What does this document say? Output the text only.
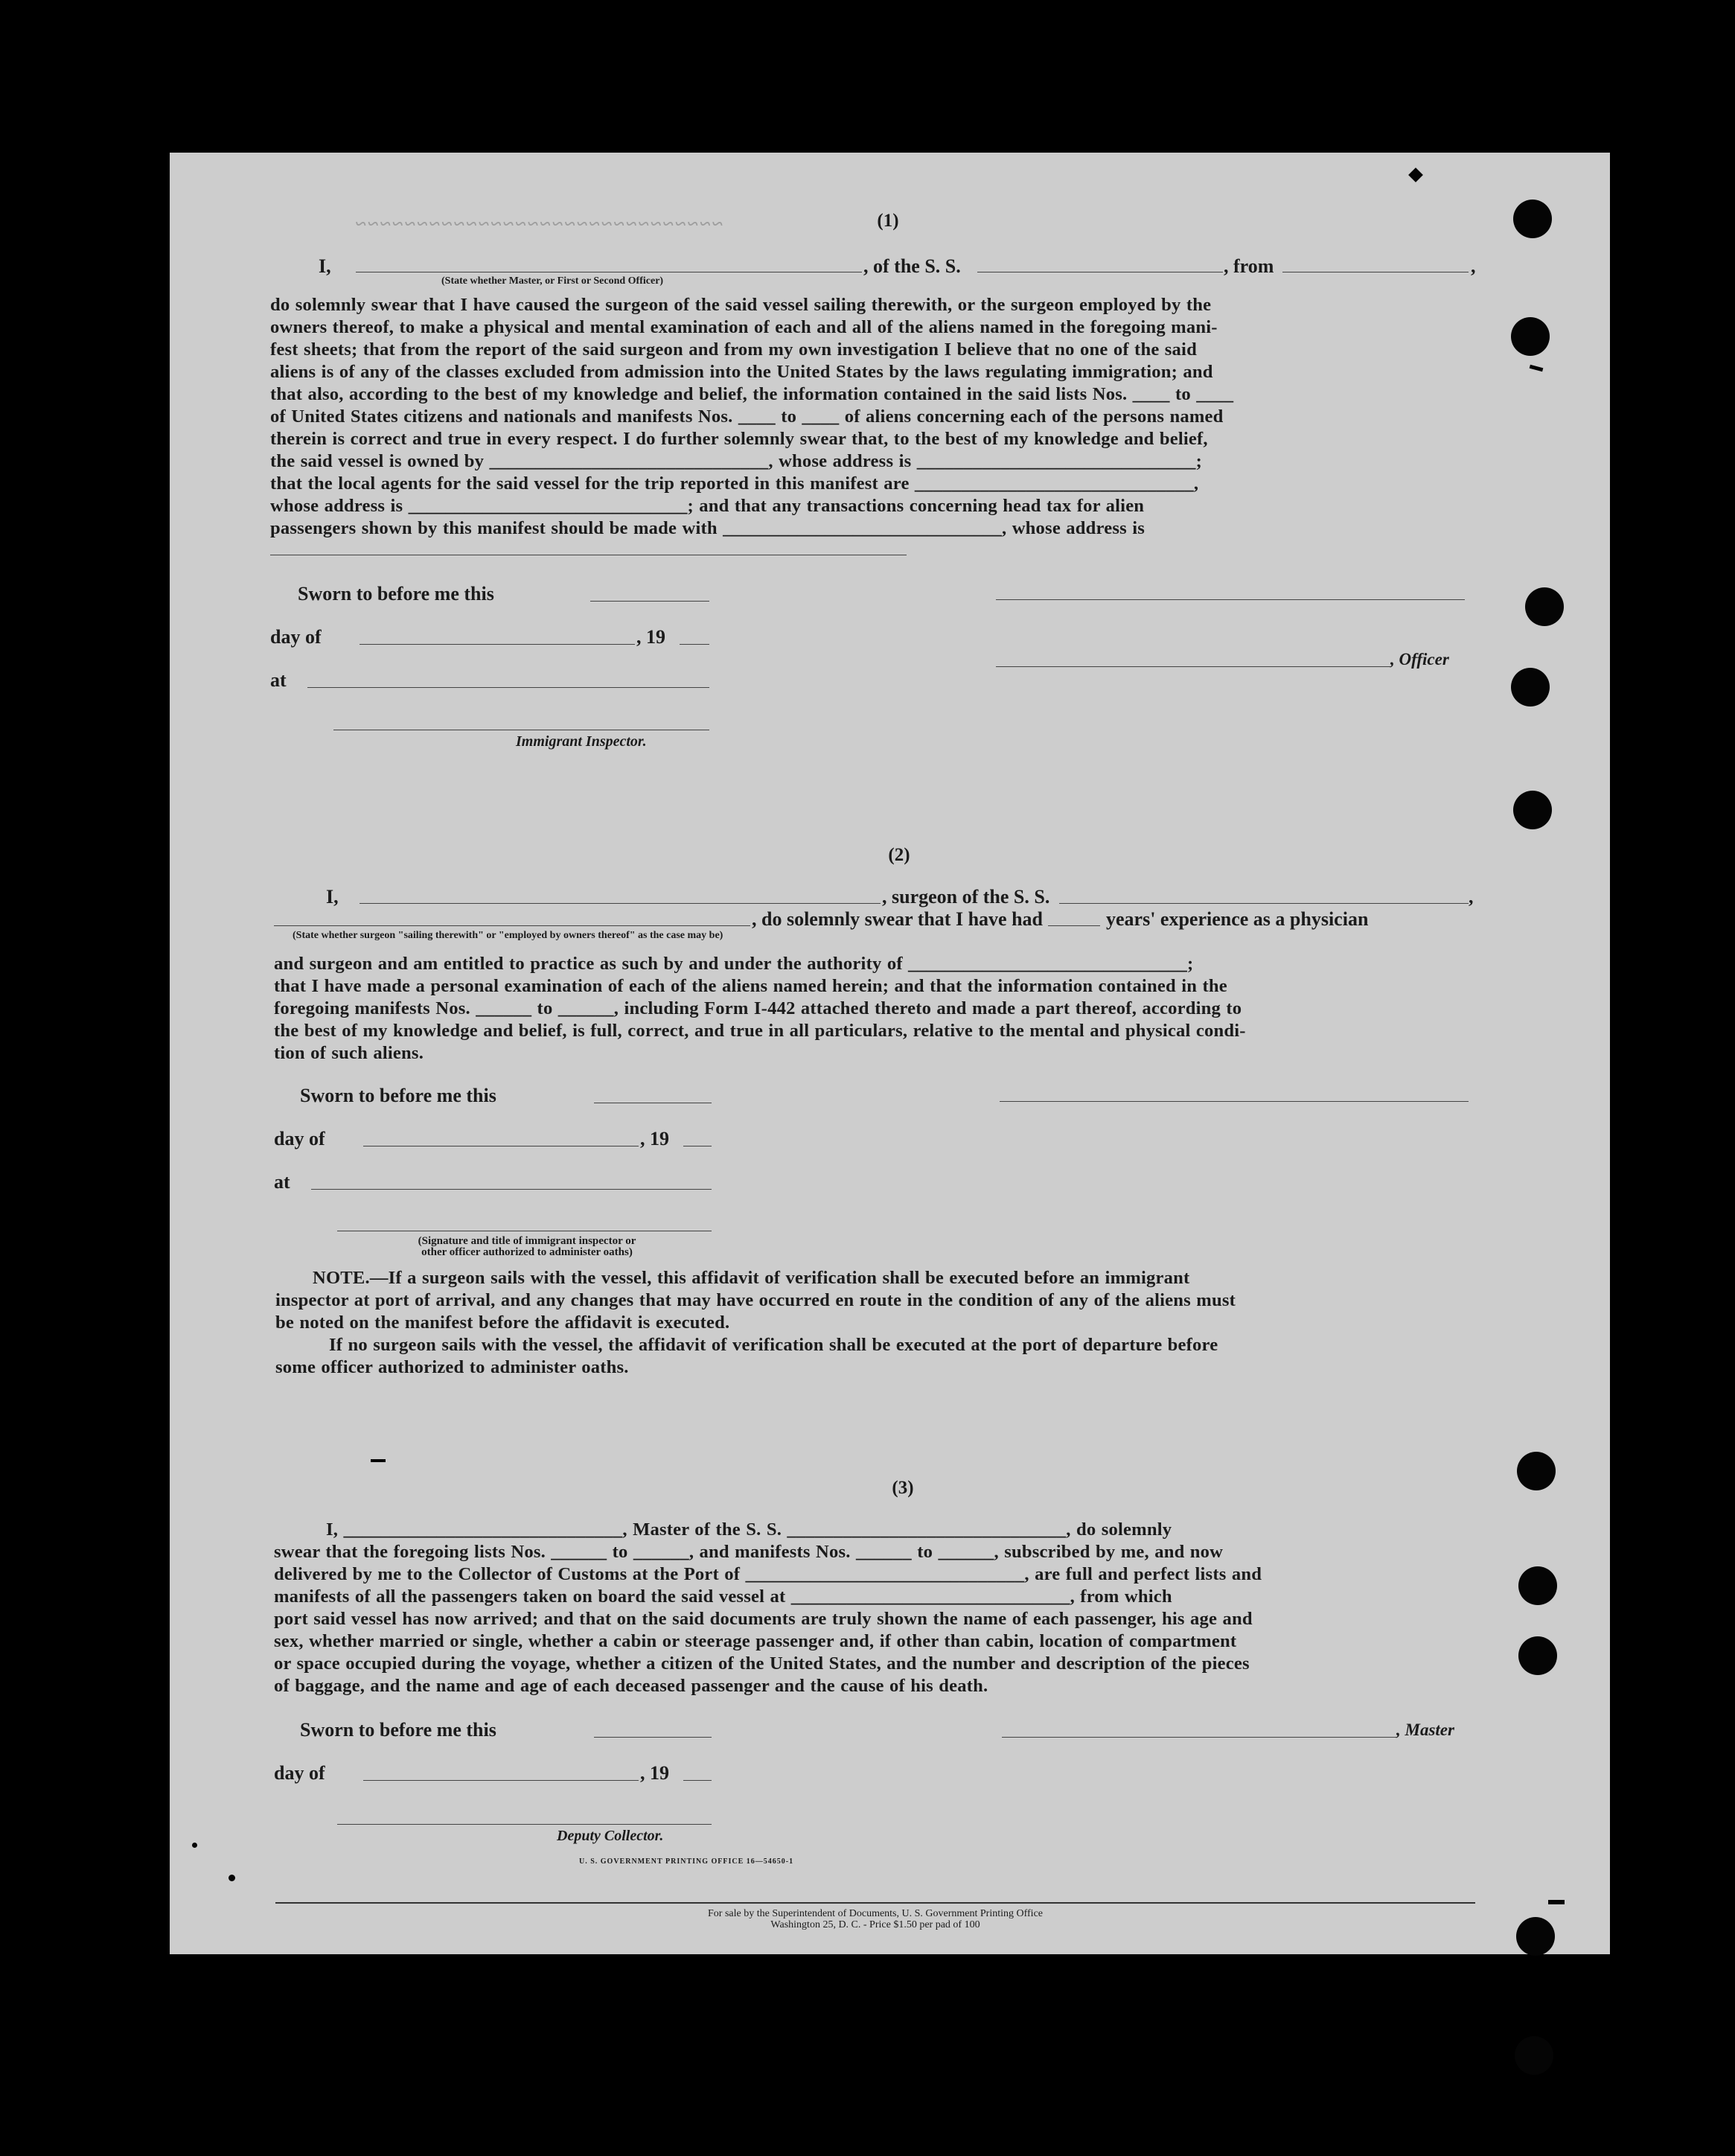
~~~~~~~~~~~~~~~~~~~~~~~~~~~~~~	(1)
I,	, of the S. S.	, from	,
(State whether Master, or First or Second Officer)
do solemnly swear that I have caused the surgeon of the said vessel sailing therewith, or the surgeon employed by the
owners thereof, to make a physical and mental examination of each and all of the aliens named in the foregoing mani-
fest sheets; that from the report of the said surgeon and from my own investigation I believe that no one of the said
aliens is of any of the classes excluded from admission into the United States by the laws regulating immigration; and
that also, according to the best of my knowledge and belief, the information contained in the said lists Nos. ____ to ____
of United States citizens and nationals and manifests Nos. ____ to ____ of aliens concerning each of the persons named
therein is correct and true in every respect. I do further solemnly swear that, to the best of my knowledge and belief,
the said vessel is owned by ______________________________, whose address is ______________________________;
that the local agents for the said vessel for the trip reported in this manifest are ______________________________,
whose address is ______________________________; and that any transactions concerning head tax for alien
passengers shown by this manifest should be made with ______________________________, whose address is
Sworn to before me this
day of	, 19
at
Immigrant Inspector.
, Officer
(2)
I,	, surgeon of the S. S.	,
, do solemnly swear that I have had	years' experience as a physician
(State whether surgeon "sailing therewith" or "employed by owners thereof" as the case may be)
and surgeon and am entitled to practice as such by and under the authority of ______________________________;
that I have made a personal examination of each of the aliens named herein; and that the information contained in the
foregoing manifests Nos. ______ to ______, including Form I-442 attached thereto and made a part thereof, according to
the best of my knowledge and belief, is full, correct, and true in all particulars, relative to the mental and physical condi-
tion of such aliens.
Sworn to before me this
day of	, 19
at
(Signature and title of immigrant inspector or
other officer authorized to administer oaths)
NOTE.—If a surgeon sails with the vessel, this affidavit of verification shall be executed before an immigrant
inspector at port of arrival, and any changes that may have occurred en route in the condition of any of the aliens must
be noted on the manifest before the affidavit is executed.
If no surgeon sails with the vessel, the affidavit of verification shall be executed at the port of departure before
some officer authorized to administer oaths.
(3)
I, ______________________________, Master of the S. S. ______________________________, do solemnly
swear that the foregoing lists Nos. ______ to ______, and manifests Nos. ______ to ______, subscribed by me, and now
delivered by me to the Collector of Customs at the Port of ______________________________, are full and perfect lists and
manifests of all the passengers taken on board the said vessel at ______________________________, from which
port said vessel has now arrived; and that on the said documents are truly shown the name of each passenger, his age and
sex, whether married or single, whether a cabin or steerage passenger and, if other than cabin, location of compartment
or space occupied during the voyage, whether a citizen of the United States, and the number and description of the pieces
of baggage, and the name and age of each deceased passenger and the cause of his death.
Sworn to before me this	, Master
day of	, 19
Deputy Collector.
U. S. GOVERNMENT PRINTING OFFICE 16—54650-1
For sale by the Superintendent of Documents, U. S. Government Printing Office
Washington 25, D. C. - Price $1.50 per pad of 100
